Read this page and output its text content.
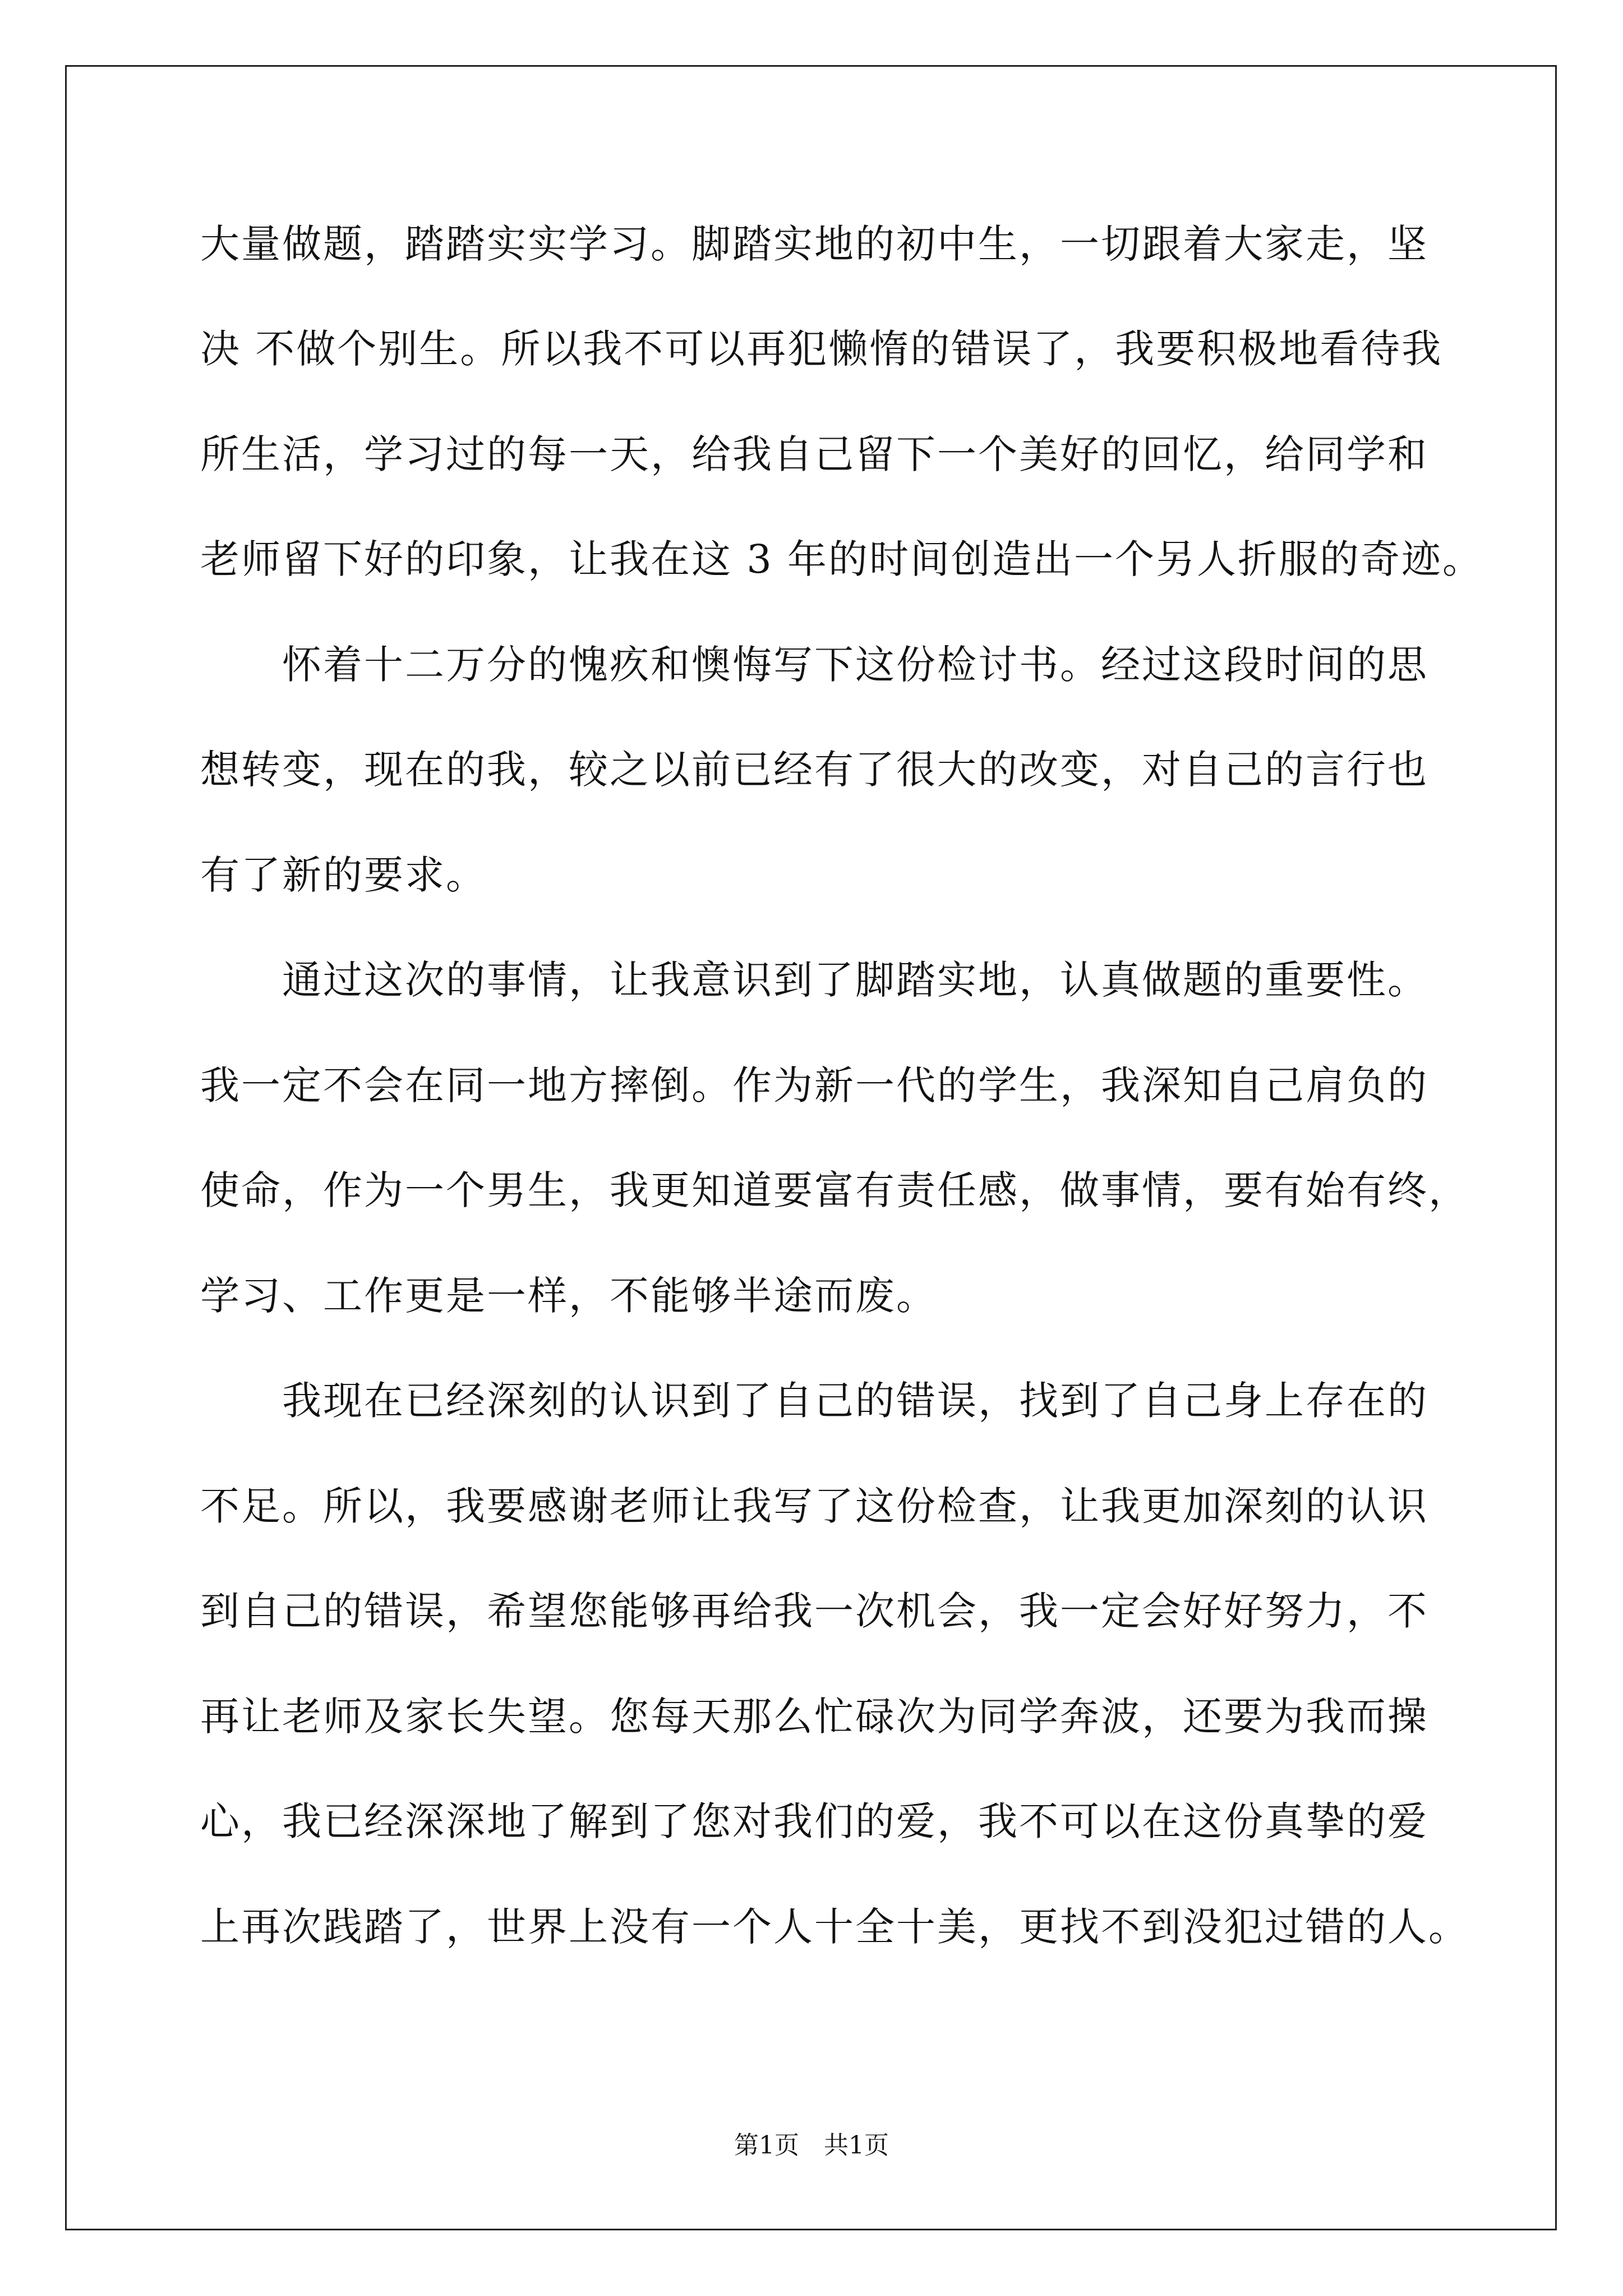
大量做题，踏踏实实学习。脚踏实地的初中生，一切跟着大家走，坚
决 不做个别生。所以我不可以再犯懒惰的错误了，我要积极地看待我
所生活，学习过的每一天，给我自己留下一个美好的回忆，给同学和
老师留下好的印象，让我在这 3 年的时间创造出一个另人折服的奇迹。
　　怀着十二万分的愧疚和懊悔写下这份检讨书。经过这段时间的思
想转变，现在的我，较之以前已经有了很大的改变，对自己的言行也
有了新的要求。
　　通过这次的事情，让我意识到了脚踏实地，认真做题的重要性。
我一定不会在同一地方摔倒。作为新一代的学生，我深知自己肩负的
使命，作为一个男生，我更知道要富有责任感，做事情，要有始有终，
学习、工作更是一样，不能够半途而废。
　　我现在已经深刻的认识到了自己的错误，找到了自己身上存在的
不足。所以，我要感谢老师让我写了这份检查，让我更加深刻的认识
到自己的错误，希望您能够再给我一次机会，我一定会好好努力，不
再让老师及家长失望。您每天那么忙碌次为同学奔波，还要为我而操
心，我已经深深地了解到了您对我们的爱，我不可以在这份真挚的爱
上再次践踏了，世界上没有一个人十全十美，更找不到没犯过错的人。
第1页　共1页
